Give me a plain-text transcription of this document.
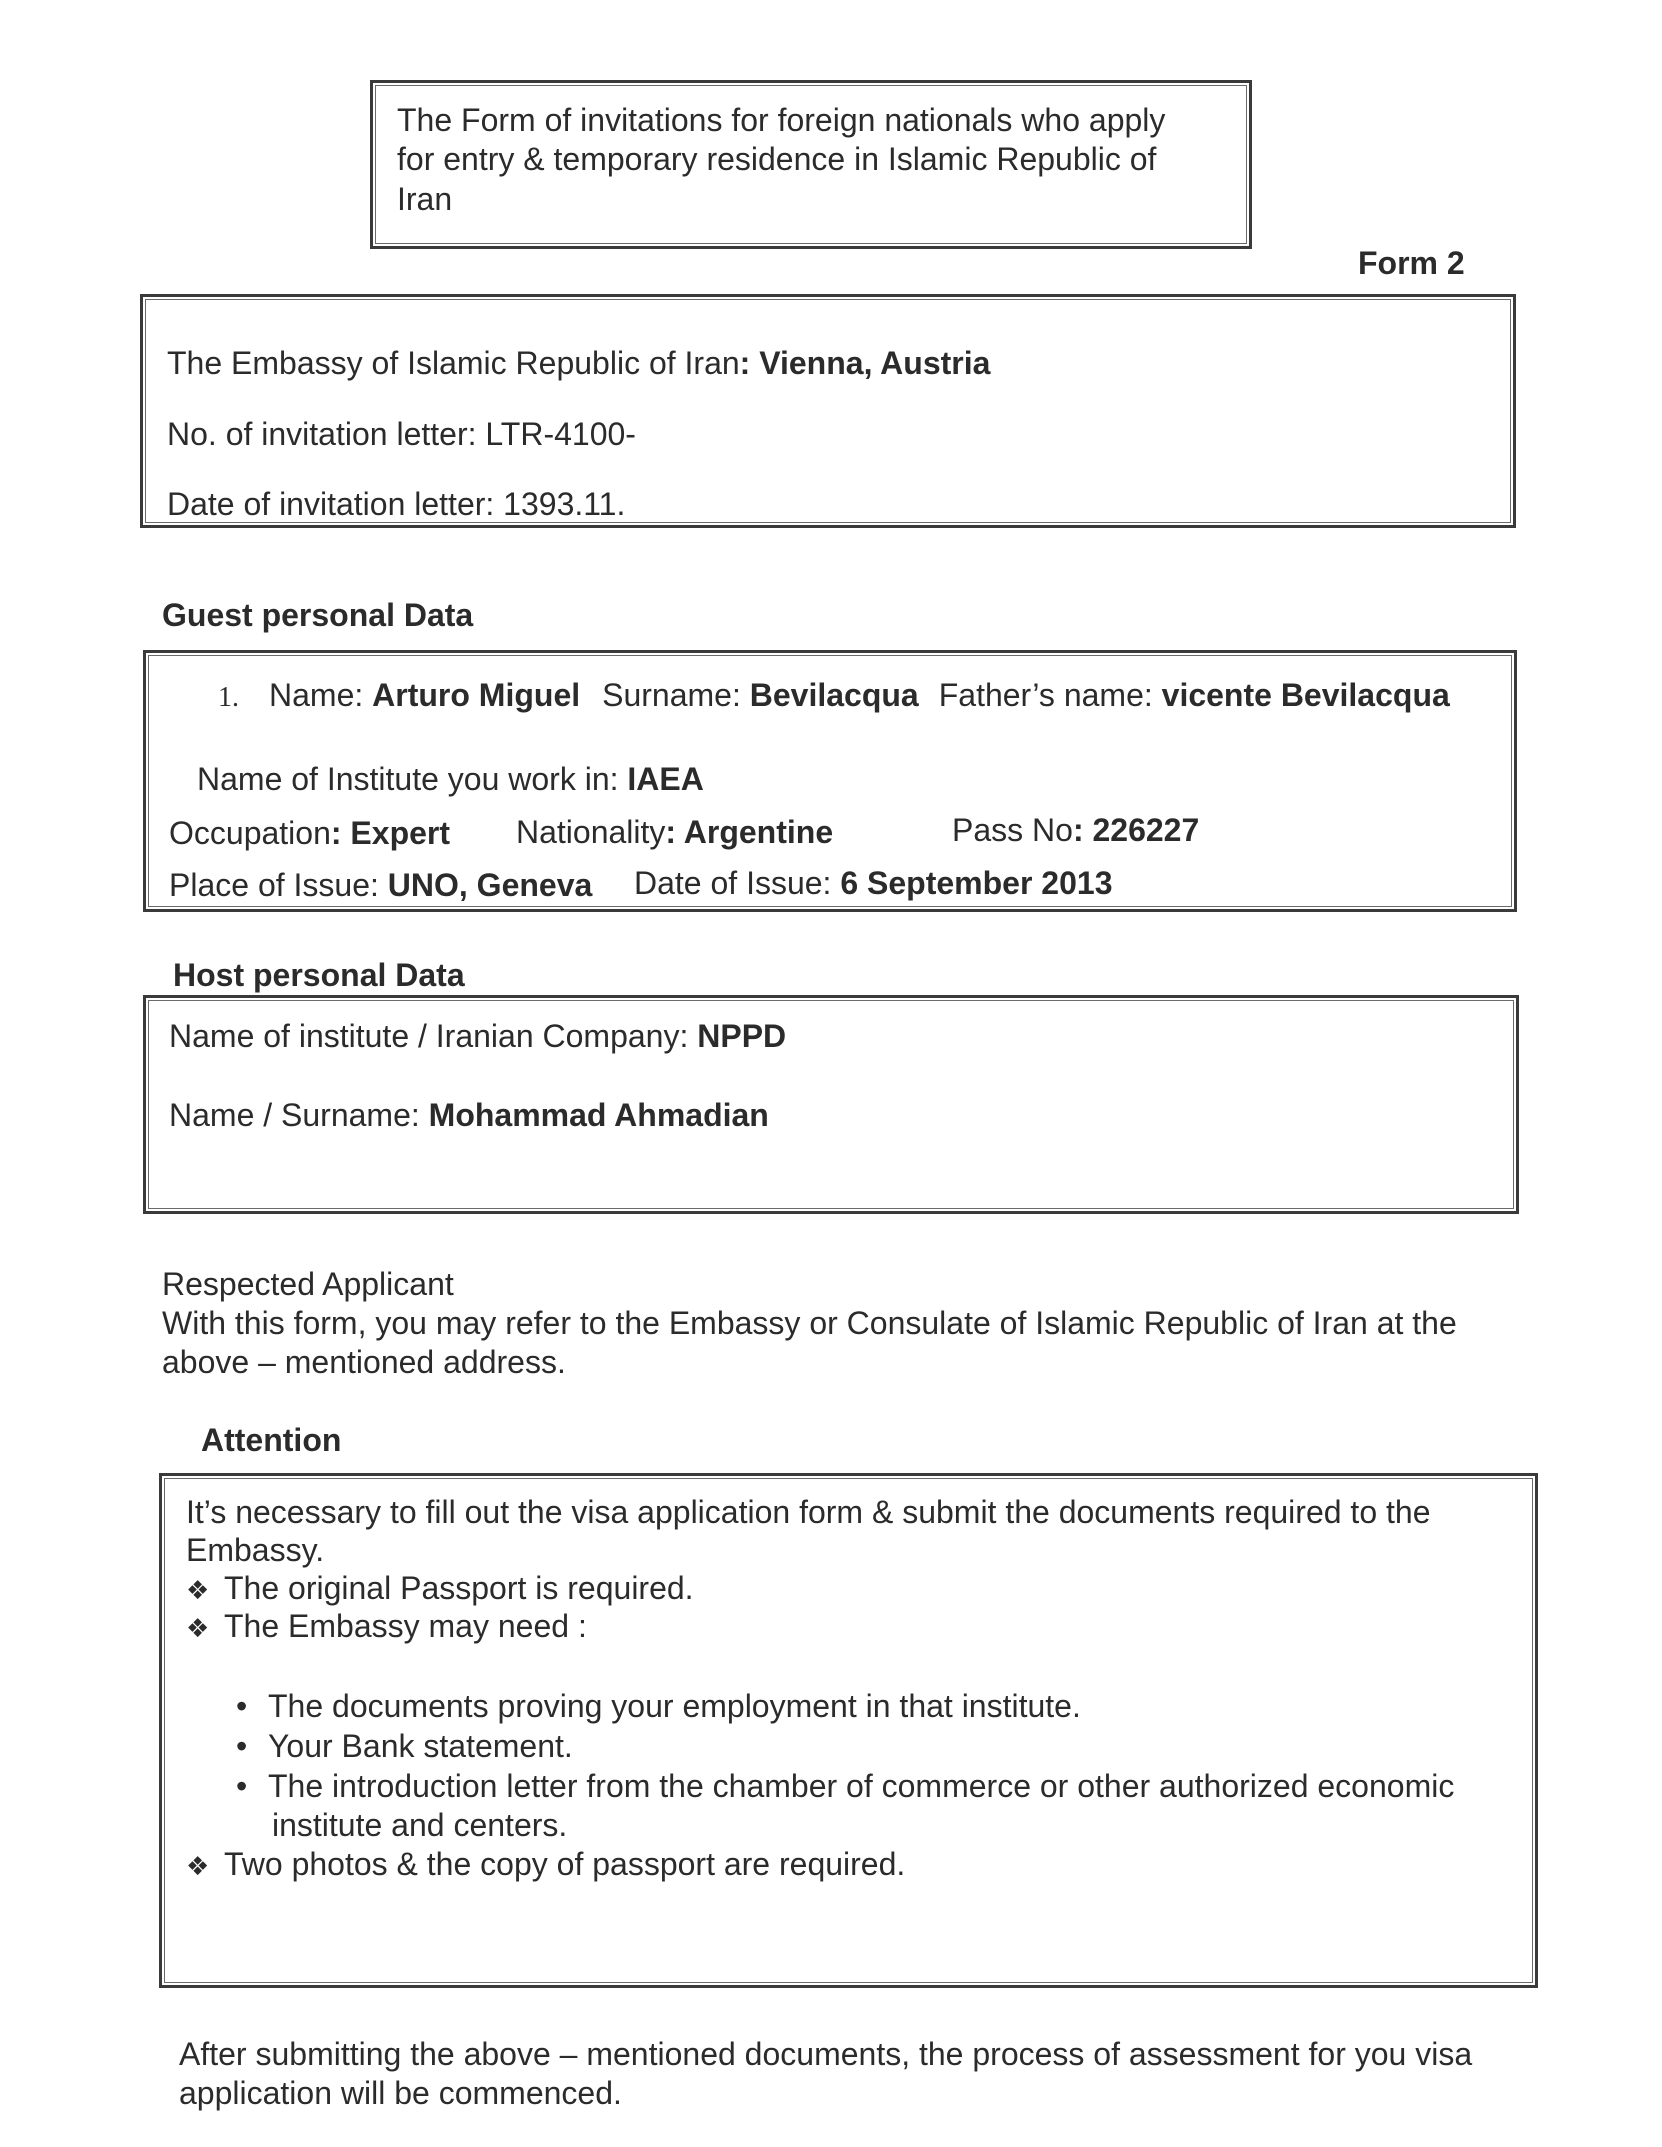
The Form of invitations for foreign nationals who apply
for entry & temporary residence in Islamic Republic of
Iran
Form 2
The Embassy of Islamic Republic of Iran: Vienna, Austria
No. of invitation letter: LTR-4100-
Date of invitation letter: 1393.11.
Guest personal Data
1. Name: Arturo Miguel Surname: Bevilacqua Father’s name: vicente Bevilacqua
Name of Institute you work in: IAEA
Occupation: Expert Nationality: Argentine	Pass No: 226227
Place of Issue: UNO, Geneva Date of Issue: 6 September 2013
Host personal Data
Name of institute / Iranian Company: NPPD
Name / Surname: Mohammad Ahmadian
Respected Applicant
With this form, you may refer to the Embassy or Consulate of Islamic Republic of Iran at the
above – mentioned address.
Attention
It’s necessary to fill out the visa application form & submit the documents required to the
Embassy.
❖ The original Passport is required.
❖ The Embassy may need :
• The documents proving your employment in that institute.
• Your Bank statement.
• The introduction letter from the chamber of commerce or other authorized economic
institute and centers.
❖ Two photos & the copy of passport are required.
After submitting the above – mentioned documents, the process of assessment for you visa
application will be commenced.
